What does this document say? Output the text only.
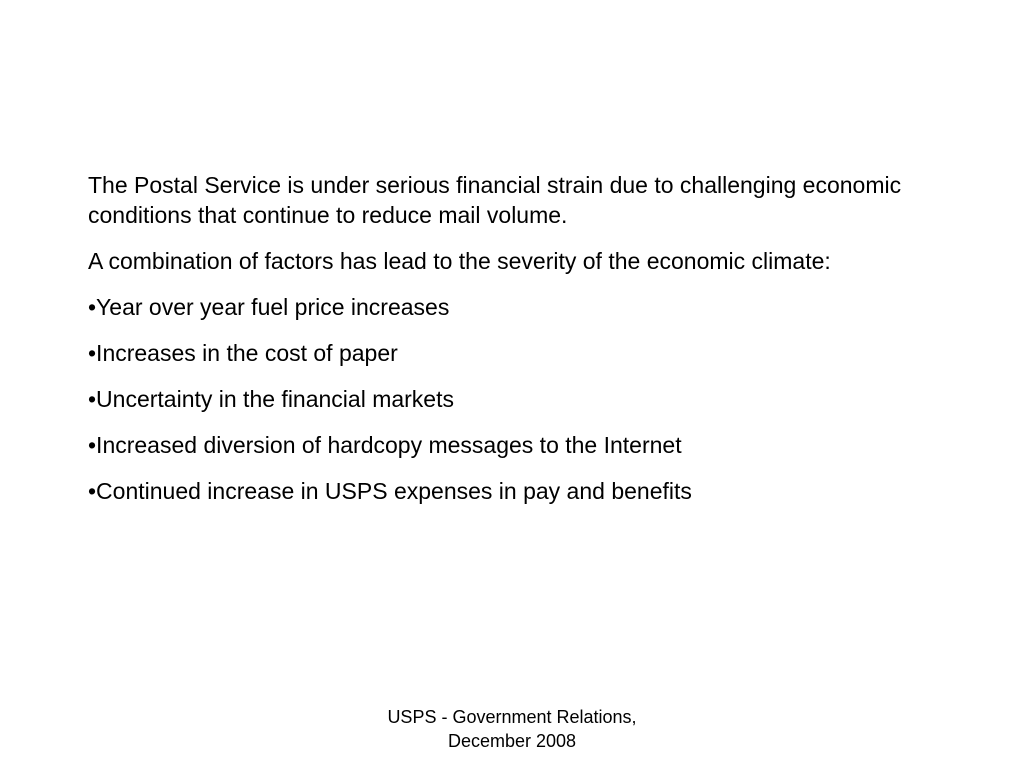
The Postal Service is under serious financial strain due to challenging economic conditions that continue to reduce mail volume.

A combination of factors has lead to the severity of the economic climate:

•Year over year fuel price increases

•Increases in the cost of paper

•Uncertainty in the financial markets

•Increased diversion of hardcopy messages to the Internet

•Continued increase in USPS expenses in pay and benefits

USPS - Government Relations,
December 2008
